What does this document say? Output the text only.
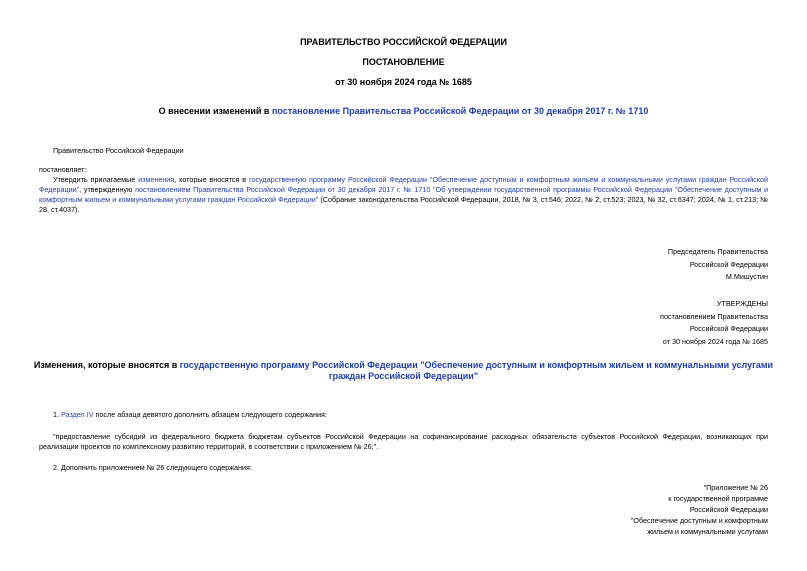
ПРАВИТЕЛЬСТВО РОССИЙСКОЙ ФЕДЕРАЦИИ
ПОСТАНОВЛЕНИЕ
от 30 ноября 2024 года № 1685
О внесении изменений в постановление Правительства Российской Федерации от 30 декабря 2017 г. № 1710
Правительство Российской Федерации
постановляет:
Утвердить прилагаемые изменения, которые вносятся в государственную программу Российской Федерации "Обеспечение доступным и комфортным жильем и коммунальными услугами граждан Российской Федерации", утвержденную постановлением Правительства Российской Федерации от 30 декабря 2017 г. № 1710 "Об утверждении государственной программы Российской Федерации "Обеспечение доступным и комфортным жильем и коммунальными услугами граждан Российской Федерации" (Собрание законодательства Российской Федерации, 2018, № 3, ст.546; 2022, № 2, ст.523; 2023, № 32, ст.6347; 2024, № 1, ст.213; № 28, ст.4037).
Председатель Правительства
Российской Федерации
М.Мишустин
УТВЕРЖДЕНЫ
постановлением Правительства
Российской Федерации
от 30 ноября 2024 года № 1685
Изменения, которые вносятся в государственную программу Российской Федерации "Обеспечение доступным и комфортным жильем и коммунальными услугами граждан Российской Федерации"
1. Раздел IV после абзаца девятого дополнить абзацем следующего содержания:
"предоставление субсидий из федерального бюджета бюджетам субъектов Российской Федерации на софинансирование расходных обязательств субъектов Российской Федерации, возникающих при реализации проектов по комплексному развитию территорий, в соответствии с приложением № 26;".
2. Дополнить приложением № 26 следующего содержания:
"Приложение № 26
к государственной программе
Российской Федерации
"Обеспечение доступным и комфортным
жильем и коммунальными услугами
